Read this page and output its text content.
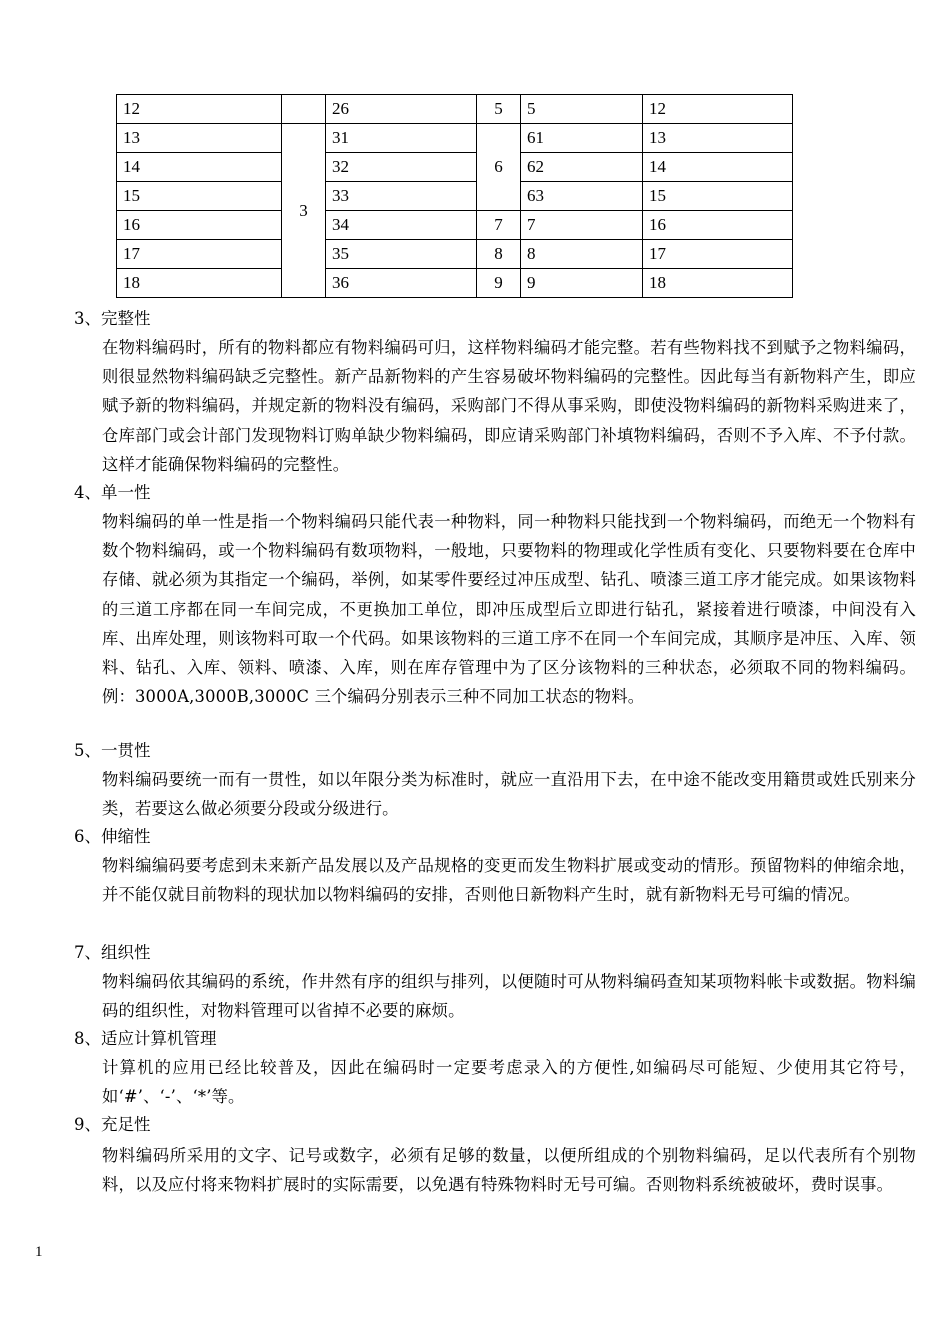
12		26	5	5	12
13	3	31	6	61	13
14		32		62	14
15		33		63	15
16		34	7	7	16
17		35	8	8	17
18		36	9	9	18
3、完整性
在物料编码时，所有的物料都应有物料编码可归，这样物料编码才能完整。若有些物料找不到赋予之物料编码，则很显然物料编码缺乏完整性。新产品新物料的产生容易破坏物料编码的完整性。因此每当有新物料产生，即应赋予新的物料编码，并规定新的物料没有编码，采购部门不得从事采购，即使没物料编码的新物料采购进来了，仓库部门或会计部门发现物料订购单缺少物料编码，即应请采购部门补填物料编码，否则不予入库、不予付款。这样才能确保物料编码的完整性。
4、单一性
物料编码的单一性是指一个物料编码只能代表一种物料，同一种物料只能找到一个物料编码，而绝无一个物料有数个物料编码，或一个物料编码有数项物料，一般地，只要物料的物理或化学性质有变化、只要物料要在仓库中存储、就必须为其指定一个编码，举例，如某零件要经过冲压成型、钻孔、喷漆三道工序才能完成。如果该物料的三道工序都在同一车间完成，不更换加工单位，即冲压成型后立即进行钻孔，紧接着进行喷漆，中间没有入库、出库处理，则该物料可取一个代码。如果该物料的三道工序不在同一个车间完成，其顺序是冲压、入库、领料、钻孔、入库、领料、喷漆、入库，则在库存管理中为了区分该物料的三种状态，必须取不同的物料编码。例：3000A,3000B,3000C 三个编码分别表示三种不同加工状态的物料。
5、一贯性
物料编码要统一而有一贯性，如以年限分类为标准时，就应一直沿用下去，在中途不能改变用籍贯或姓氏别来分类，若要这么做必须要分段或分级进行。
6、伸缩性
物料编编码要考虑到未来新产品发展以及产品规格的变更而发生物料扩展或变动的情形。预留物料的伸缩余地，并不能仅就目前物料的现状加以物料编码的安排，否则他日新物料产生时，就有新物料无号可编的情况。
7、组织性
物料编码依其编码的系统，作井然有序的组织与排列，以便随时可从物料编码查知某项物料帐卡或数据。物料编码的组织性，对物料管理可以省掉不必要的麻烦。
8、适应计算机管理
计算机的应用已经比较普及，因此在编码时一定要考虑录入的方便性,如编码尽可能短、少使用其它符号，如‘#’、‘-’、‘*’等。
9、充足性
物料编码所采用的文字、记号或数字，必须有足够的数量，以便所组成的个别物料编码，足以代表所有个别物料，以及应付将来物料扩展时的实际需要，以免遇有特殊物料时无号可编。否则物料系统被破坏，费时误事。
1
